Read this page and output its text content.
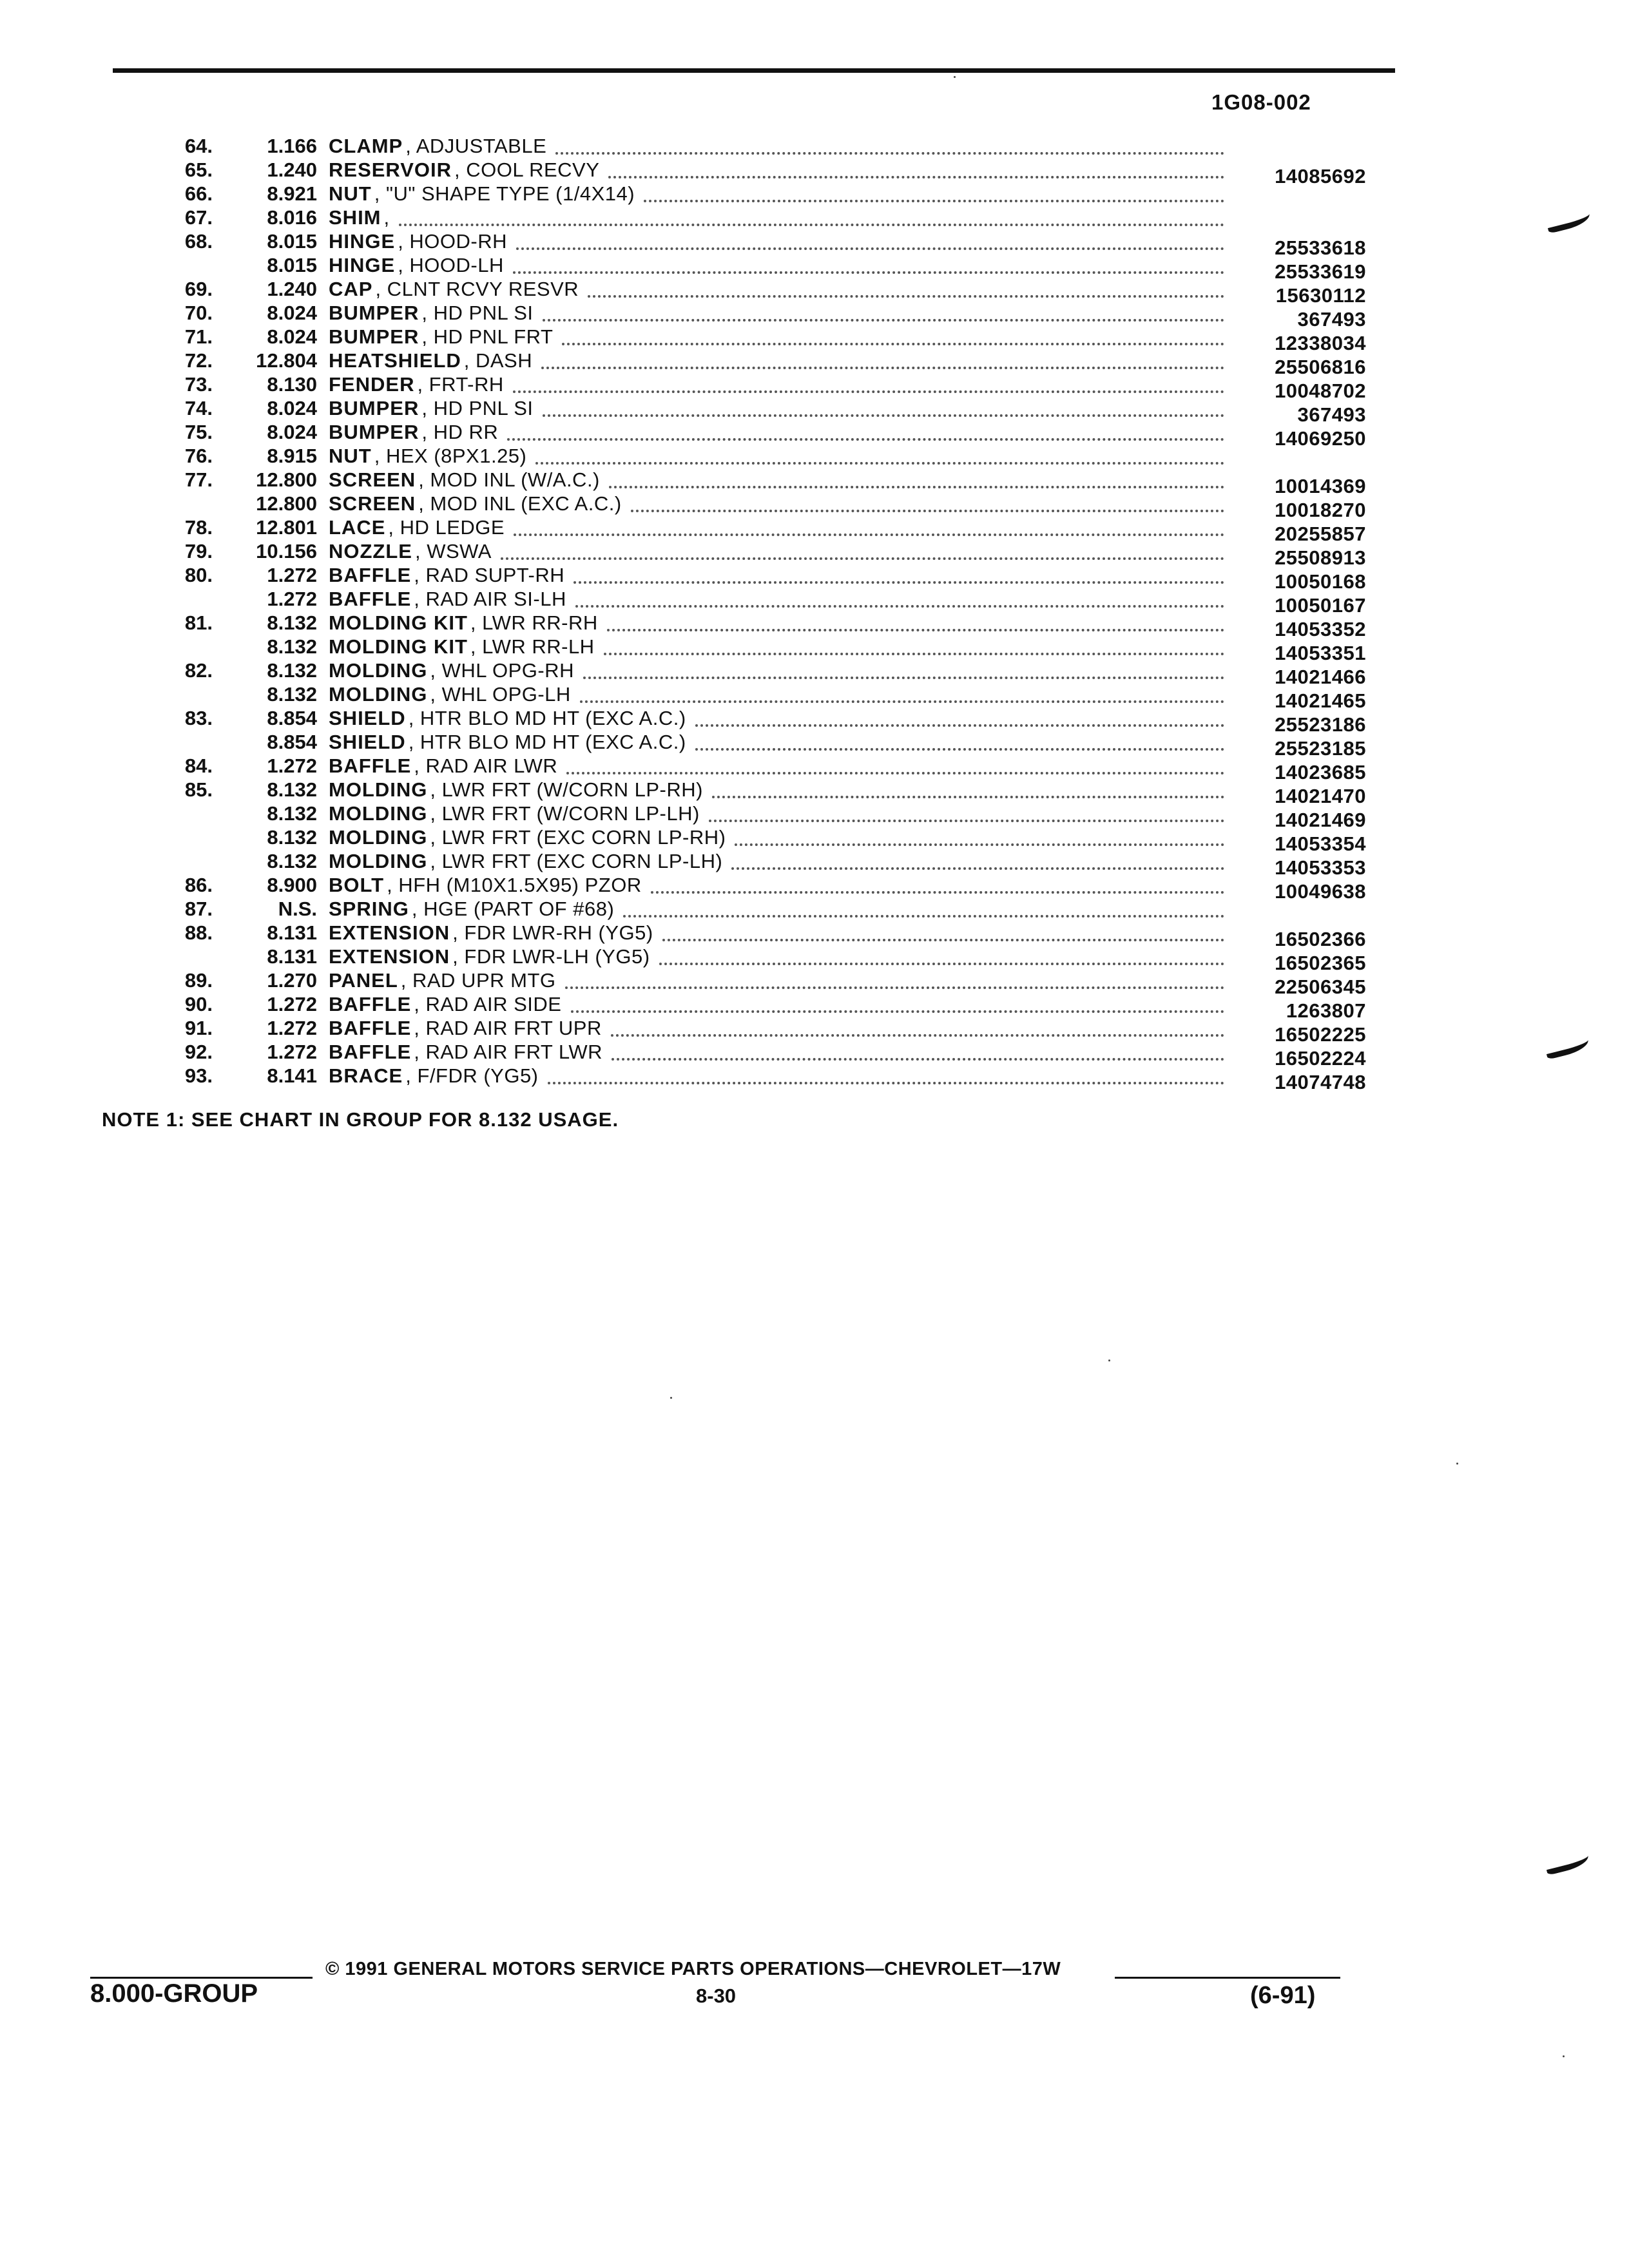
1G08-002
64.	1.166 CLAMP , ADJUSTABLE
65.	1.240 RESERVOIR , COOL RECVY	14085692
66.	8.921 NUT , "U" SHAPE TYPE (1/4X14)
67.	8.016 SHIM ,
68.	8.015 HINGE , HOOD-RH	25533618
8.015 HINGE , HOOD-LH	25533619
69.	1.240 CAP , CLNT RCVY RESVR	15630112
70.	8.024 BUMPER , HD PNL SI	367493
71.	8.024 BUMPER , HD PNL FRT	12338034
72.	12.804 HEATSHIELD , DASH	25506816
73.	8.130 FENDER , FRT-RH	10048702
74.	8.024 BUMPER , HD PNL SI	367493
75.	8.024 BUMPER , HD RR	14069250
76.	8.915 NUT , HEX (8PX1.25)
77.	12.800 SCREEN , MOD INL (W/A.C.)	10014369
12.800 SCREEN , MOD INL (EXC A.C.)	10018270
78.	12.801 LACE , HD LEDGE	20255857
79.	10.156 NOZZLE , WSWA	25508913
80.	1.272 BAFFLE , RAD SUPT-RH	10050168
1.272 BAFFLE , RAD AIR SI-LH	10050167
81.	8.132 MOLDING KIT , LWR RR-RH	14053352
8.132 MOLDING KIT , LWR RR-LH	14053351
82.	8.132 MOLDING , WHL OPG-RH	14021466
8.132 MOLDING , WHL OPG-LH	14021465
83.	8.854 SHIELD , HTR BLO MD HT (EXC A.C.)	25523186
8.854 SHIELD , HTR BLO MD HT (EXC A.C.)	25523185
84.	1.272 BAFFLE , RAD AIR LWR	14023685
85.	8.132 MOLDING , LWR FRT (W/CORN LP-RH)	14021470
8.132 MOLDING , LWR FRT (W/CORN LP-LH)	14021469
8.132 MOLDING , LWR FRT (EXC CORN LP-RH)	14053354
8.132 MOLDING , LWR FRT (EXC CORN LP-LH)	14053353
86.	8.900 BOLT , HFH (M10X1.5X95) PZOR	10049638
87.	N.S. SPRING , HGE (PART OF #68)
88.	8.131 EXTENSION , FDR LWR-RH (YG5)	16502366
8.131 EXTENSION , FDR LWR-LH (YG5)	16502365
89.	1.270 PANEL , RAD UPR MTG	22506345
90.	1.272 BAFFLE , RAD AIR SIDE	1263807
91.	1.272 BAFFLE , RAD AIR FRT UPR	16502225
92.	1.272 BAFFLE , RAD AIR FRT LWR	16502224
93.	8.141 BRACE , F/FDR (YG5)	14074748
NOTE 1: SEE CHART IN GROUP FOR 8.132 USAGE.
© 1991 GENERAL MOTORS SERVICE PARTS OPERATIONS—CHEVROLET—17W
8.000-GROUP	8-30	(6-91)
